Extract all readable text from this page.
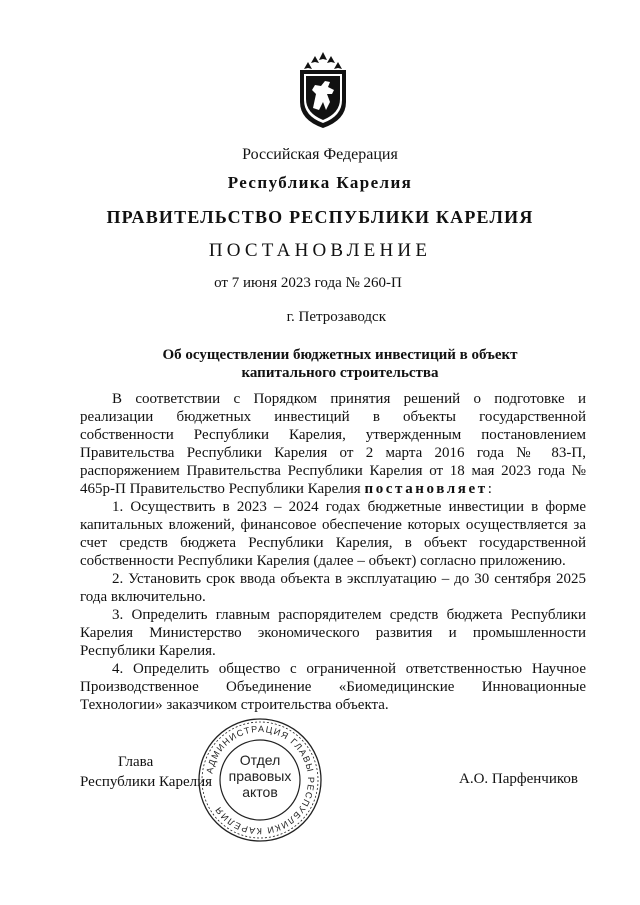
Российская Федерация
Республика Карелия
ПРАВИТЕЛЬСТВО РЕСПУБЛИКИ КАРЕЛИЯ
ПОСТАНОВЛЕНИЕ
от 7 июня 2023 года № 260-П
г. Петрозаводск
Об осуществлении бюджетных инвестиций в объект
капитального строительства

В соответствии с Порядком принятия решений о подготовке и реализации бюджетных инвестиций в объекты государственной собственности Республики Карелия, утвержденным постановлением Правительства Республики Карелия от 2 марта 2016 года № 83-П, распоряжением Правительства Республики Карелия от 18 мая 2023 года № 465р-П Правительство Республики Карелия постановляет:

1. Осуществить в 2023 – 2024 годах бюджетные инвестиции в форме капитальных вложений, финансовое обеспечение которых осуществляется за счет средств бюджета Республики Карелия, в объект государственной собственности Республики Карелия (далее – объект) согласно приложению.

2. Установить срок ввода объекта в эксплуатацию – до 30 сентября 2025 года включительно.

3. Определить главным распорядителем средств бюджета Республики Карелия Министерство экономического развития и промышленности Республики Карелия.

4. Определить общество с ограниченной ответственностью Научное Производственное Объединение «Биомедицинские Инновационные Технологии» заказчиком строительства объекта.

Глава
Республики Карелия	А.О. Парфенчиков
АДМИНИСТРАЦИЯ ГЛАВЫ РЕСПУБЛИКИ КАРЕЛИЯ
Отдел
правовых
актов
